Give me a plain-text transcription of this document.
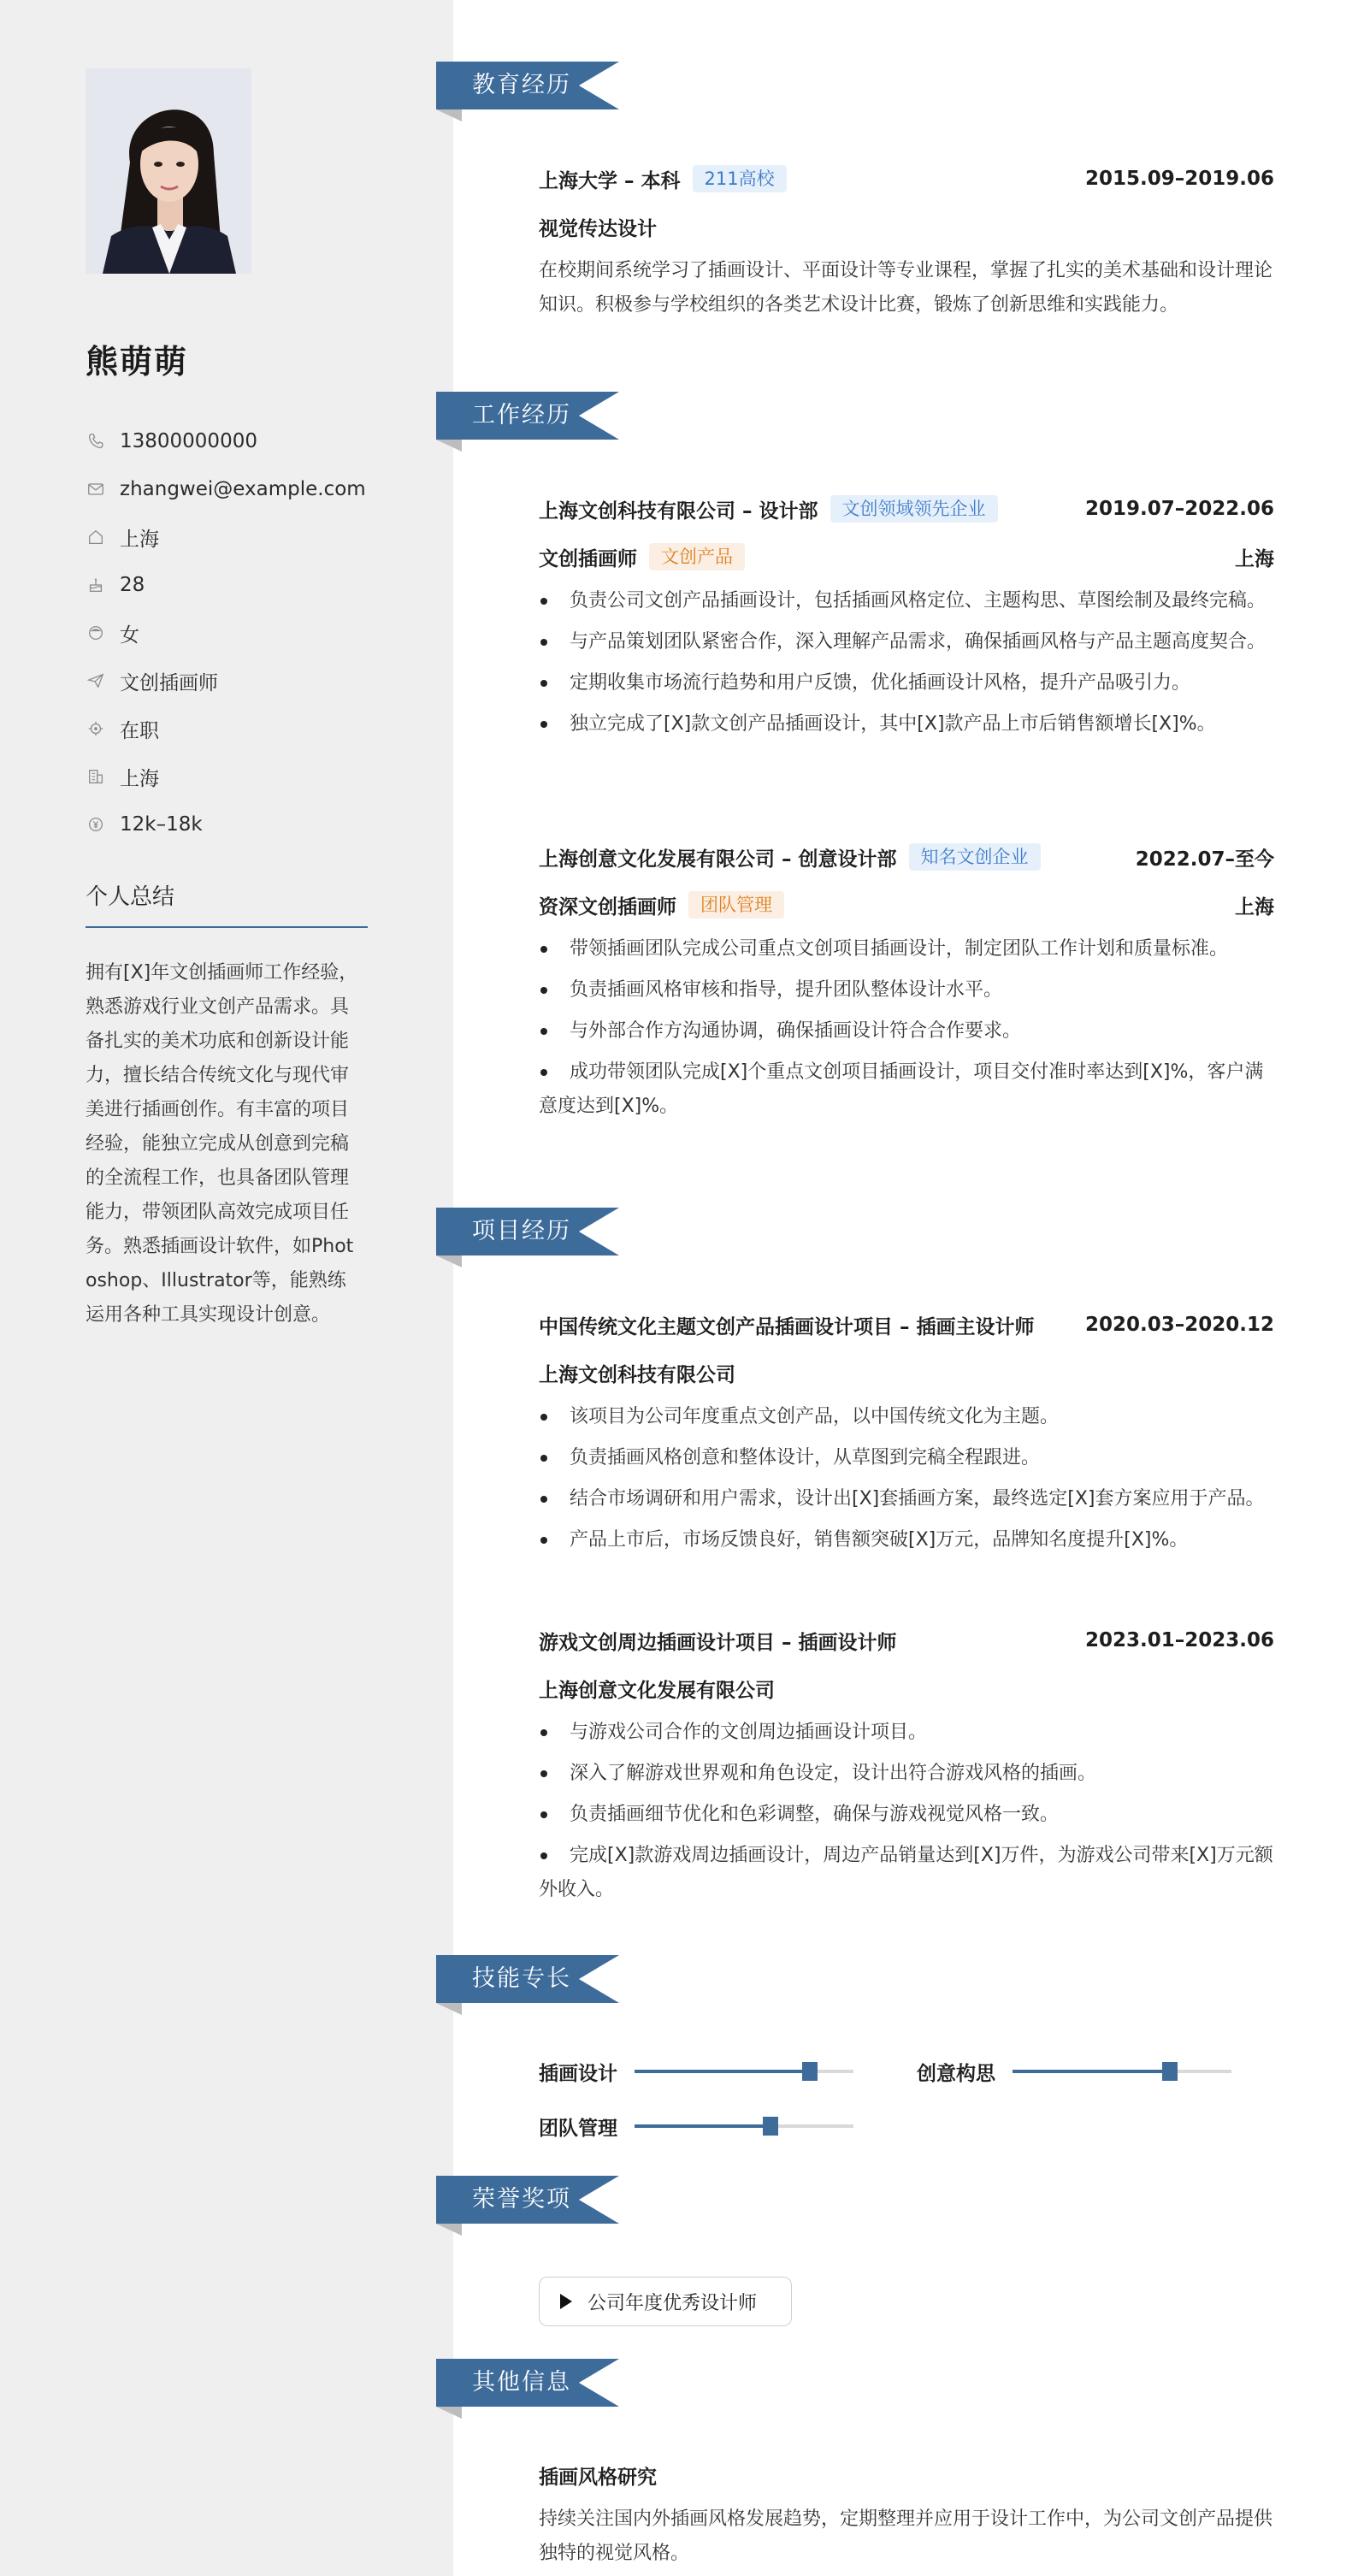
熊萌萌
13800000000
zhangwei@example.com
上海
28
女
文创插画师
在职
上海
12k–18k
个人总结
拥有[X]年文创插画师工作经验，熟悉游戏行业文创产品需求。具备扎实的美术功底和创新设计能力，擅长结合传统文化与现代审美进行插画创作。有丰富的项目经验，能独立完成从创意到完稿的全流程工作，也具备团队管理能力，带领团队高效完成项目任务。熟悉插画设计软件，如Photoshop、Illustrator等，能熟练运用各种工具实现设计创意。
教育经历
上海大学 – 本科	211高校	2015.09–2019.06
视觉传达设计

在校期间系统学习了插画设计、平面设计等专业课程，掌握了扎实的美术基础和设计理论知识。积极参与学校组织的各类艺术设计比赛，锻炼了创新思维和实践能力。

工作经历
上海文创科技有限公司 – 设计部	文创领域领先企业	2019.07–2022.06
文创插画师	文创产品	上海
负责公司文创产品插画设计，包括插画风格定位、主题构思、草图绘制及最终完稿。
与产品策划团队紧密合作，深入理解产品需求，确保插画风格与产品主题高度契合。
定期收集市场流行趋势和用户反馈，优化插画设计风格，提升产品吸引力。
独立完成了[X]款文创产品插画设计，其中[X]款产品上市后销售额增长[X]%。
上海创意文化发展有限公司 – 创意设计部	知名文创企业	2022.07–至今
资深文创插画师	团队管理	上海
带领插画团队完成公司重点文创项目插画设计，制定团队工作计划和质量标准。
负责插画风格审核和指导，提升团队整体设计水平。
与外部合作方沟通协调，确保插画设计符合合作要求。
成功带领团队完成[X]个重点文创项目插画设计，项目交付准时率达到[X]%，客户满意度达到[X]%。
项目经历
中国传统文化主题文创产品插画设计项目 – 插画主设计师	2020.03–2020.12
上海文创科技有限公司
该项目为公司年度重点文创产品，以中国传统文化为主题。
负责插画风格创意和整体设计，从草图到完稿全程跟进。
结合市场调研和用户需求，设计出[X]套插画方案，最终选定[X]套方案应用于产品。
产品上市后，市场反馈良好，销售额突破[X]万元，品牌知名度提升[X]%。
游戏文创周边插画设计项目 – 插画设计师	2023.01–2023.06
上海创意文化发展有限公司
与游戏公司合作的文创周边插画设计项目。
深入了解游戏世界观和角色设定，设计出符合游戏风格的插画。
负责插画细节优化和色彩调整，确保与游戏视觉风格一致。
完成[X]款游戏周边插画设计，周边产品销量达到[X]万件，为游戏公司带来[X]万元额外收入。
技能专长
插画设计	创意构思
团队管理
荣誉奖项
公司年度优秀设计师
其他信息
插画风格研究

持续关注国内外插画风格发展趋势，定期整理并应用于设计工作中，为公司文创产品提供独特的视觉风格。
